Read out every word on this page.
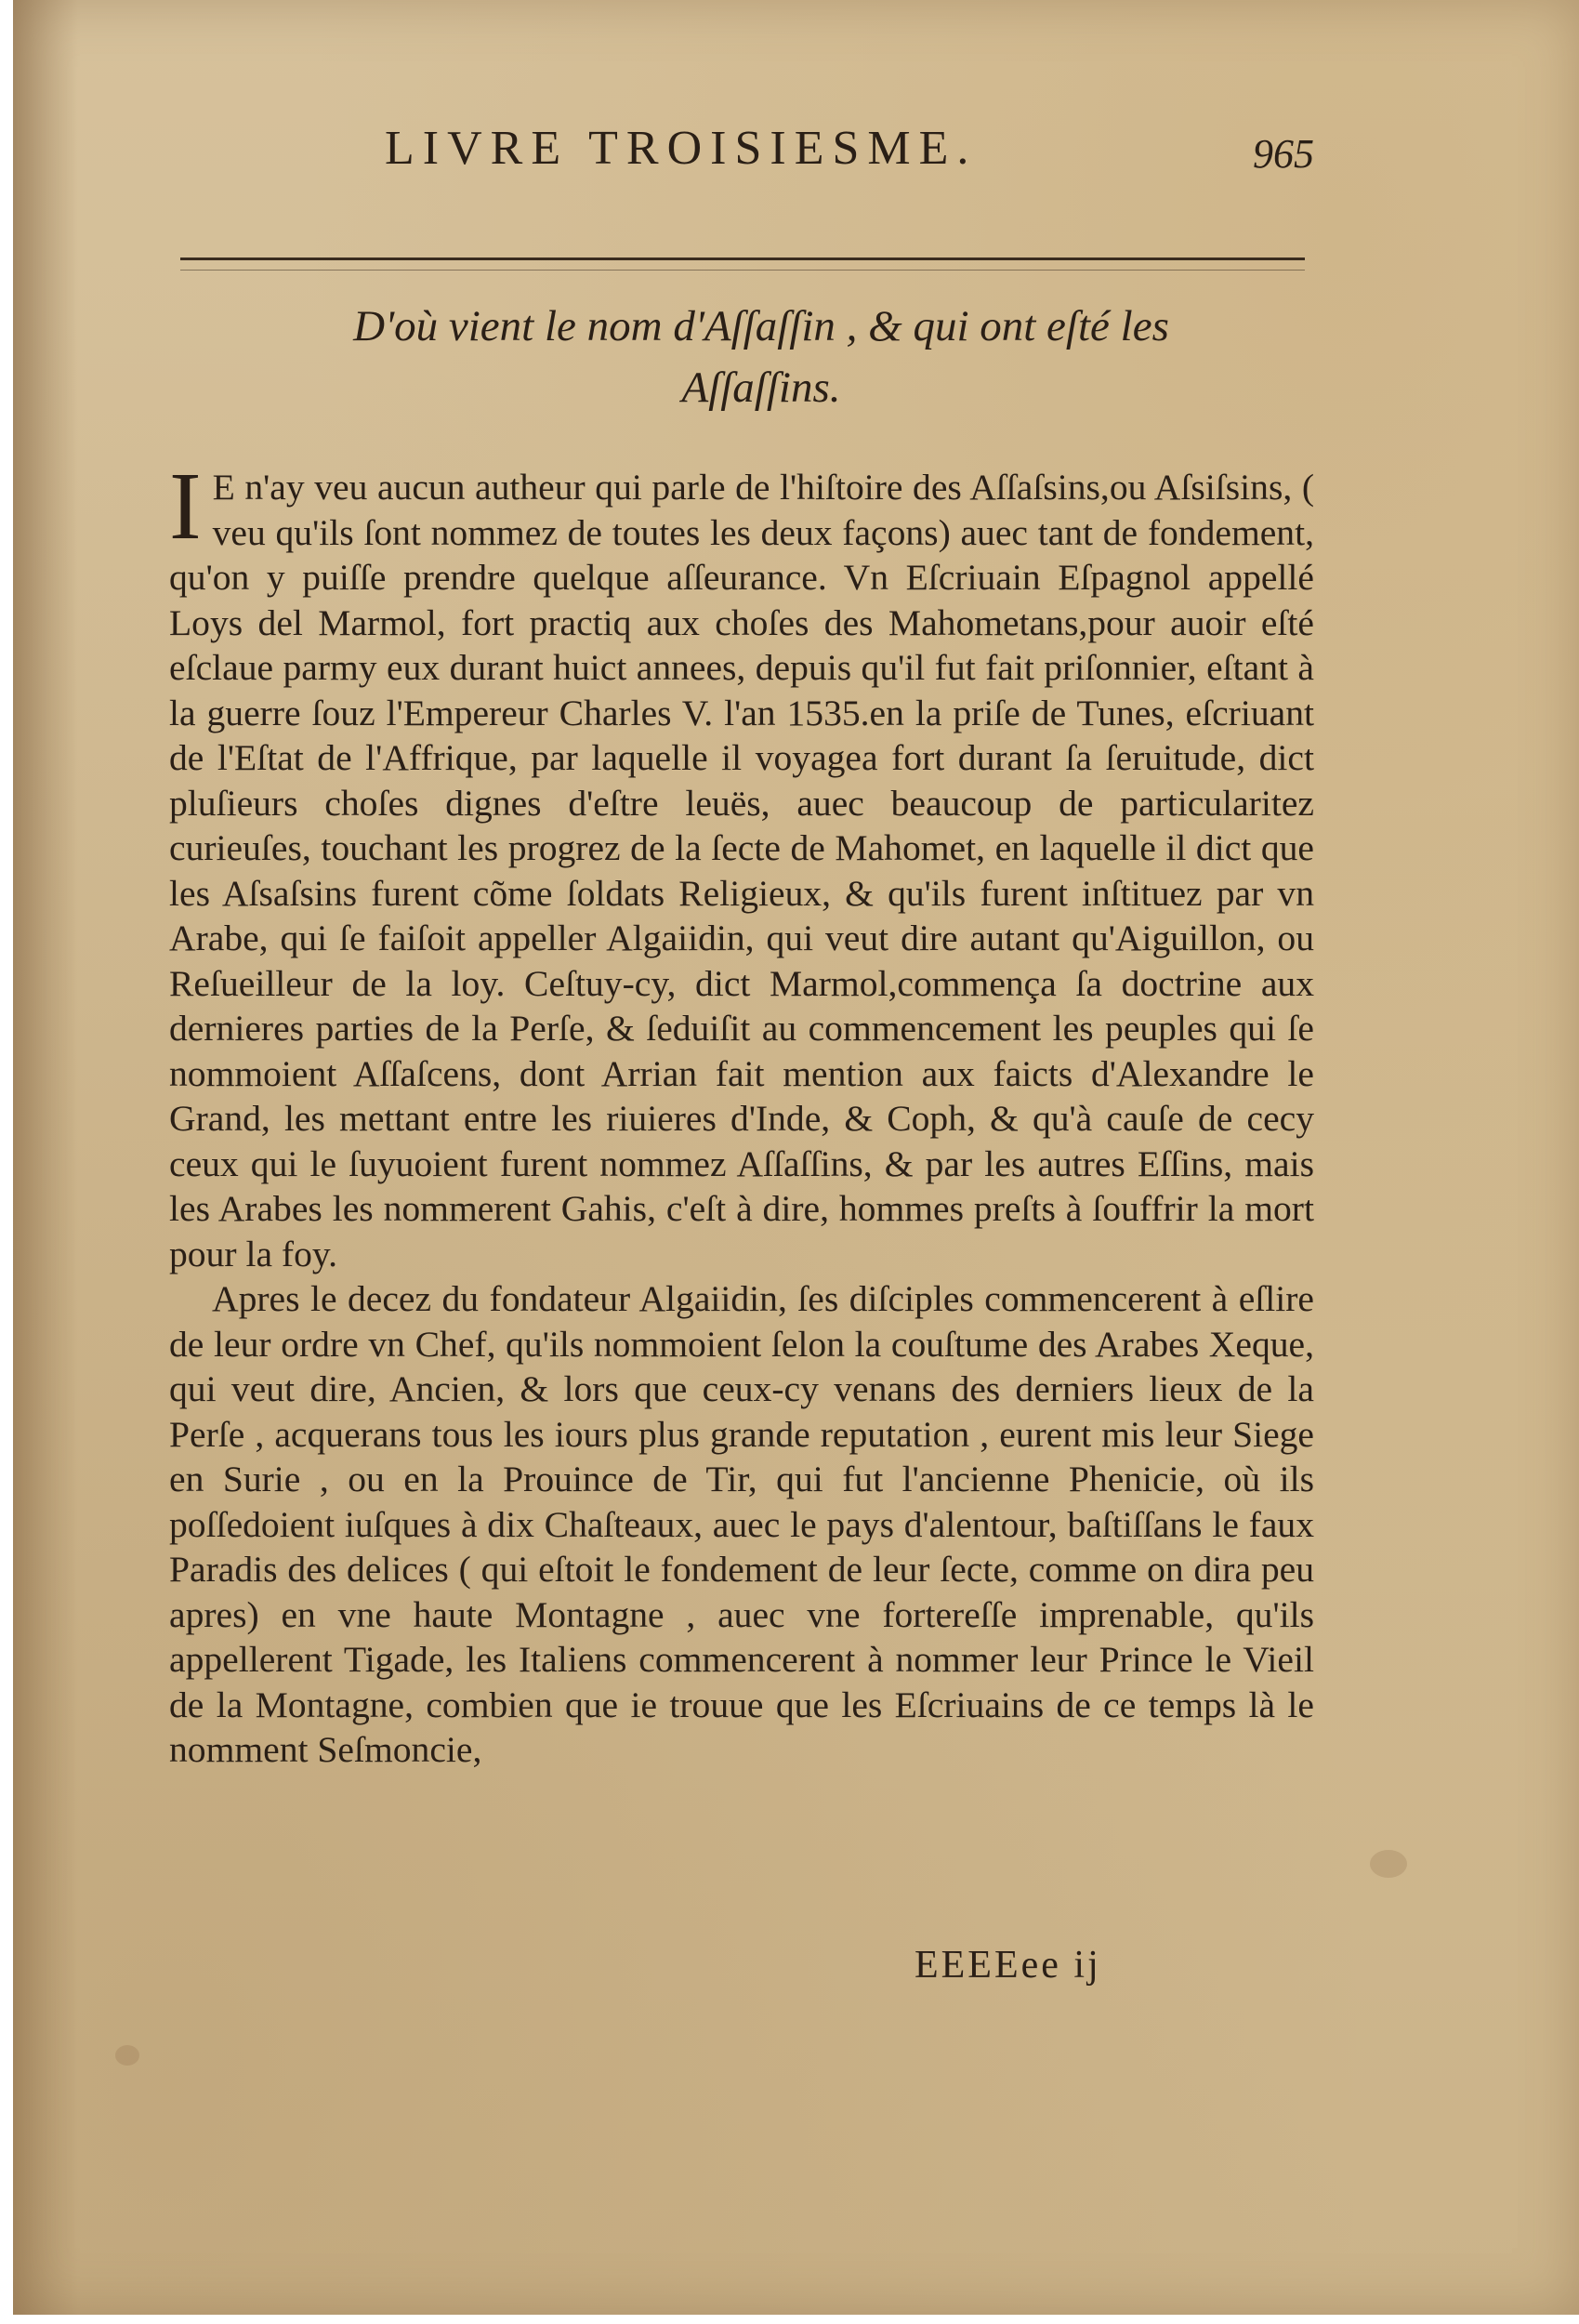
LIVRE TROISIESME.	965
D'où vient le nom d'Aſſaſſin , & qui ont eſté les
Aſſaſſins.

I E n'ay veu aucun autheur qui parle de l'hiſtoire des Aſſaſsins,ou Aſsiſsins, ( veu qu'ils ſont nommez de toutes les deux façons) auec tant de fondement, qu'on y puiſſe prendre quelque aſſeurance. Vn Eſcriuain Eſpagnol appellé Loys del Marmol, fort practiq aux choſes des Mahometans,pour auoir eſté eſclaue parmy eux durant huict annees, depuis qu'il fut fait priſonnier, eſtant à la guerre ſouz l'Empereur Charles V. l'an 1535.en la priſe de Tunes, eſcriuant de l'Eſtat de l'Affrique, par laquelle il voyagea fort durant ſa ſeruitude, dict pluſieurs choſes dignes d'eſtre leuës, auec beaucoup de particularitez curieuſes, touchant les progrez de la ſecte de Mahomet, en laquelle il dict que les Aſsaſsins furent cõme ſoldats Religieux, & qu'ils furent inſtituez par vn Arabe, qui ſe faiſoit appeller Algaiidin, qui veut dire autant qu'Aiguillon, ou Reſueilleur de la loy. Ceſtuy-cy, dict Marmol,commença ſa doctrine aux dernieres parties de la Perſe, & ſeduiſit au commencement les peuples qui ſe nommoient Aſſaſcens, dont Arrian fait mention aux faicts d'Alexandre le Grand, les mettant entre les riuieres d'Inde, & Coph, & qu'à cauſe de cecy ceux qui le ſuyuoient furent nommez Aſſaſſins, & par les autres Eſſins, mais les Arabes les nommerent Gahis, c'eſt à dire, hommes preſts à ſouffrir la mort pour la foy.

Apres le decez du fondateur Algaiidin, ſes diſciples commencerent à eſlire de leur ordre vn Chef, qu'ils nommoient ſelon la couſtume des Arabes Xeque, qui veut dire, Ancien, & lors que ceux-cy venans des derniers lieux de la Perſe , acquerans tous les iours plus grande reputation , eurent mis leur Siege en Surie , ou en la Prouince de Tir, qui fut l'ancienne Phenicie, où ils poſſedoient iuſques à dix Chaſteaux, auec le pays d'alentour, baſtiſſans le faux Paradis des delices ( qui eſtoit le fondement de leur ſecte, comme on dira peu apres) en vne haute Montagne , auec vne fortereſſe imprenable, qu'ils appellerent Tigade, les Italiens commencerent à nommer leur Prince le Vieil de la Montagne, combien que ie trouue que les Eſcriuains de ce temps là le nomment Seſmoncie,

EEEEee ij
